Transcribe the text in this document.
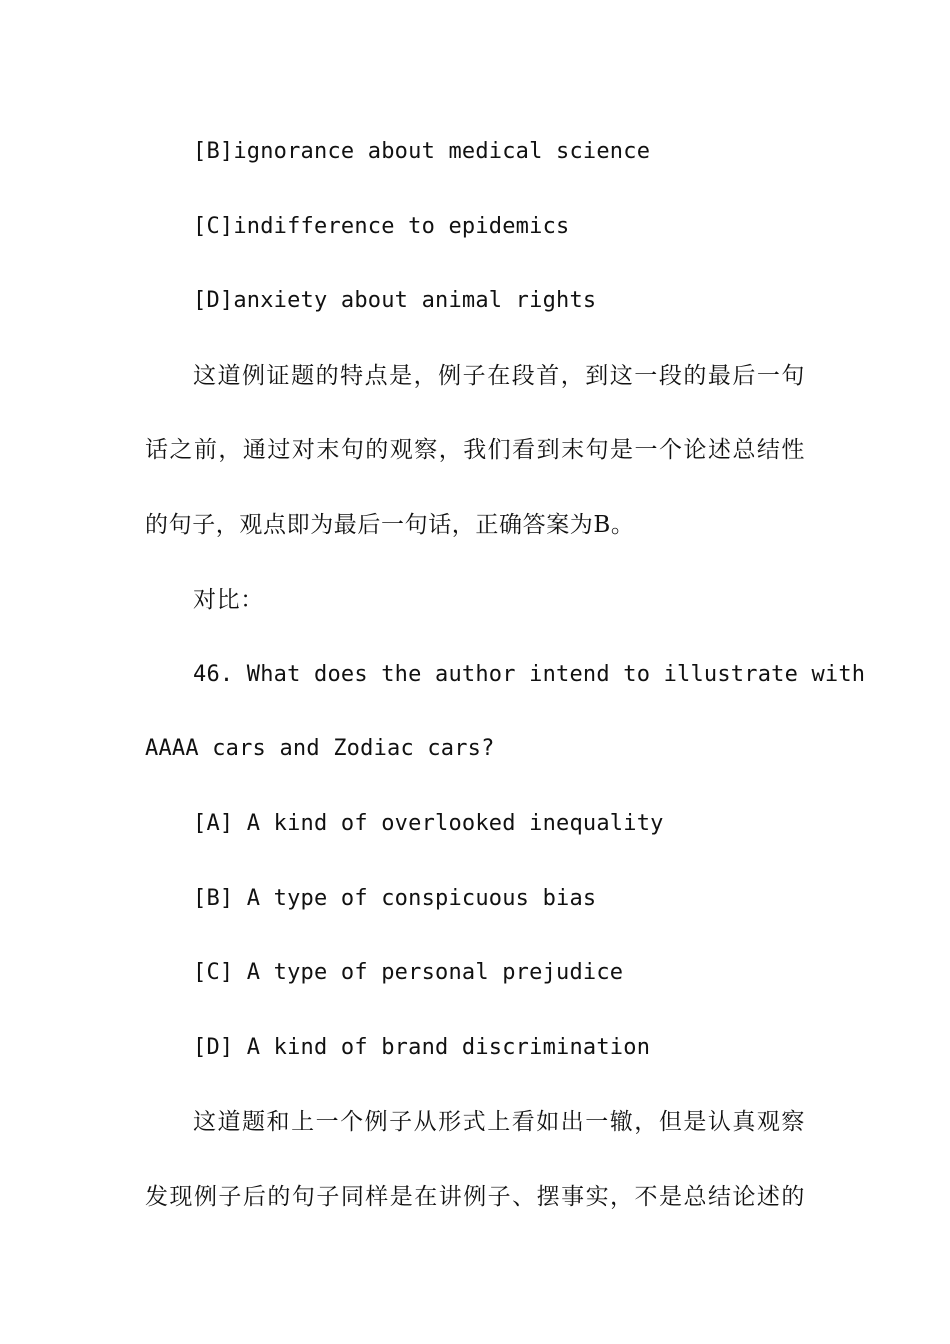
[B]ignorance about medical science
[C]indifference to epidemics
[D]anxiety about animal rights
这道例证题的特点是，例子在段首，到这一段的最后一句
话之前，通过对末句的观察，我们看到末句是一个论述总结性
的句子，观点即为最后一句话，正确答案为B。
对比：
46. What does the author intend to illustrate with
AAAA cars and Zodiac cars?
[A] A kind of overlooked inequality
[B] A type of conspicuous bias
[C] A type of personal prejudice
[D] A kind of brand discrimination
这道题和上一个例子从形式上看如出一辙，但是认真观察
发现例子后的句子同样是在讲例子、摆事实，不是总结论述的
